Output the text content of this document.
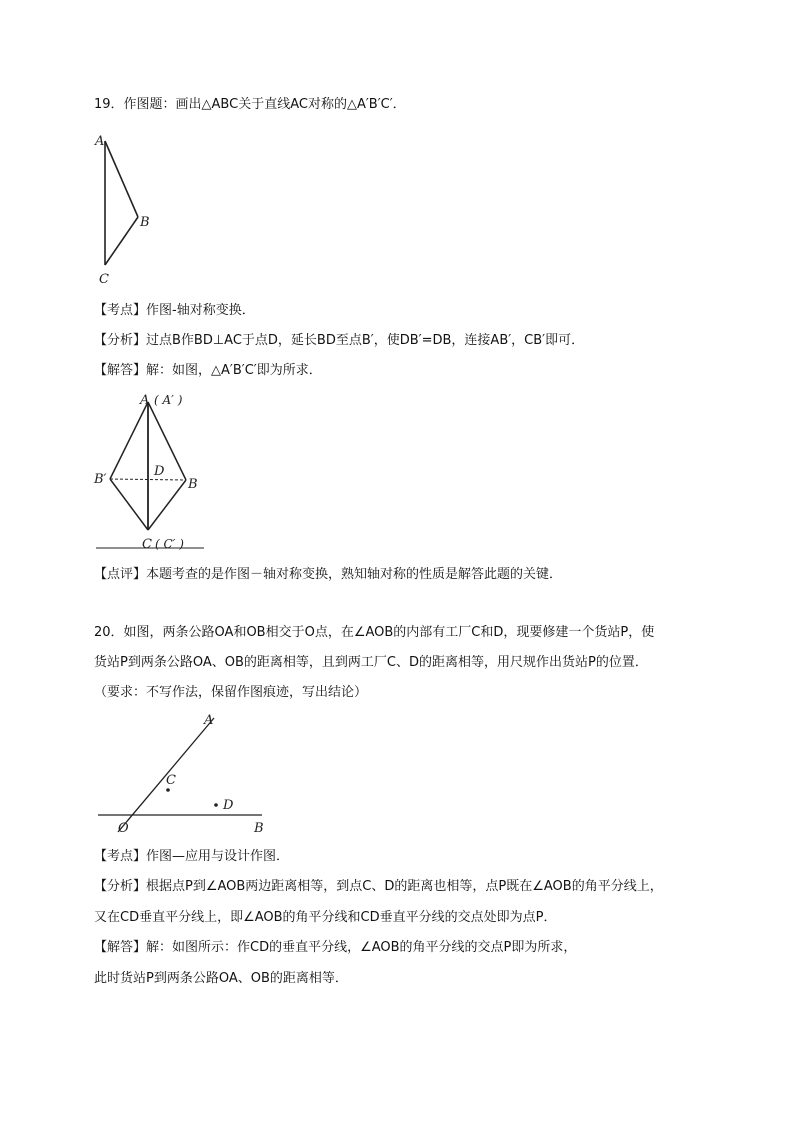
19．作图题：画出△ABC关于直线AC对称的△A′B′C′．
A
B
C
【考点】作图-轴对称变换．
【分析】过点B作BD⊥AC于点D，延长BD至点B′，使DB′=DB，连接AB′，CB′即可．
【解答】解：如图，△A′B′C′即为所求．
A ( A′ )
B′	B
D
C ( C′ )
【点评】本题考查的是作图－轴对称变换，熟知轴对称的性质是解答此题的关键．
20．如图，两条公路OA和OB相交于O点，在∠AOB的内部有工厂C和D，现要修建一个货站P，使
货站P到两条公路OA、OB的距离相等，且到两工厂C、D的距离相等，用尺规作出货站P的位置．
（要求：不写作法，保留作图痕迹，写出结论）
A
B
C
D
O
【考点】作图—应用与设计作图．
【分析】根据点P到∠AOB两边距离相等，到点C、D的距离也相等，点P既在∠AOB的角平分线上，
又在CD垂直平分线上，即∠AOB的角平分线和CD垂直平分线的交点处即为点P．
【解答】解：如图所示：作CD的垂直平分线，∠AOB的角平分线的交点P即为所求，
此时货站P到两条公路OA、OB的距离相等．
